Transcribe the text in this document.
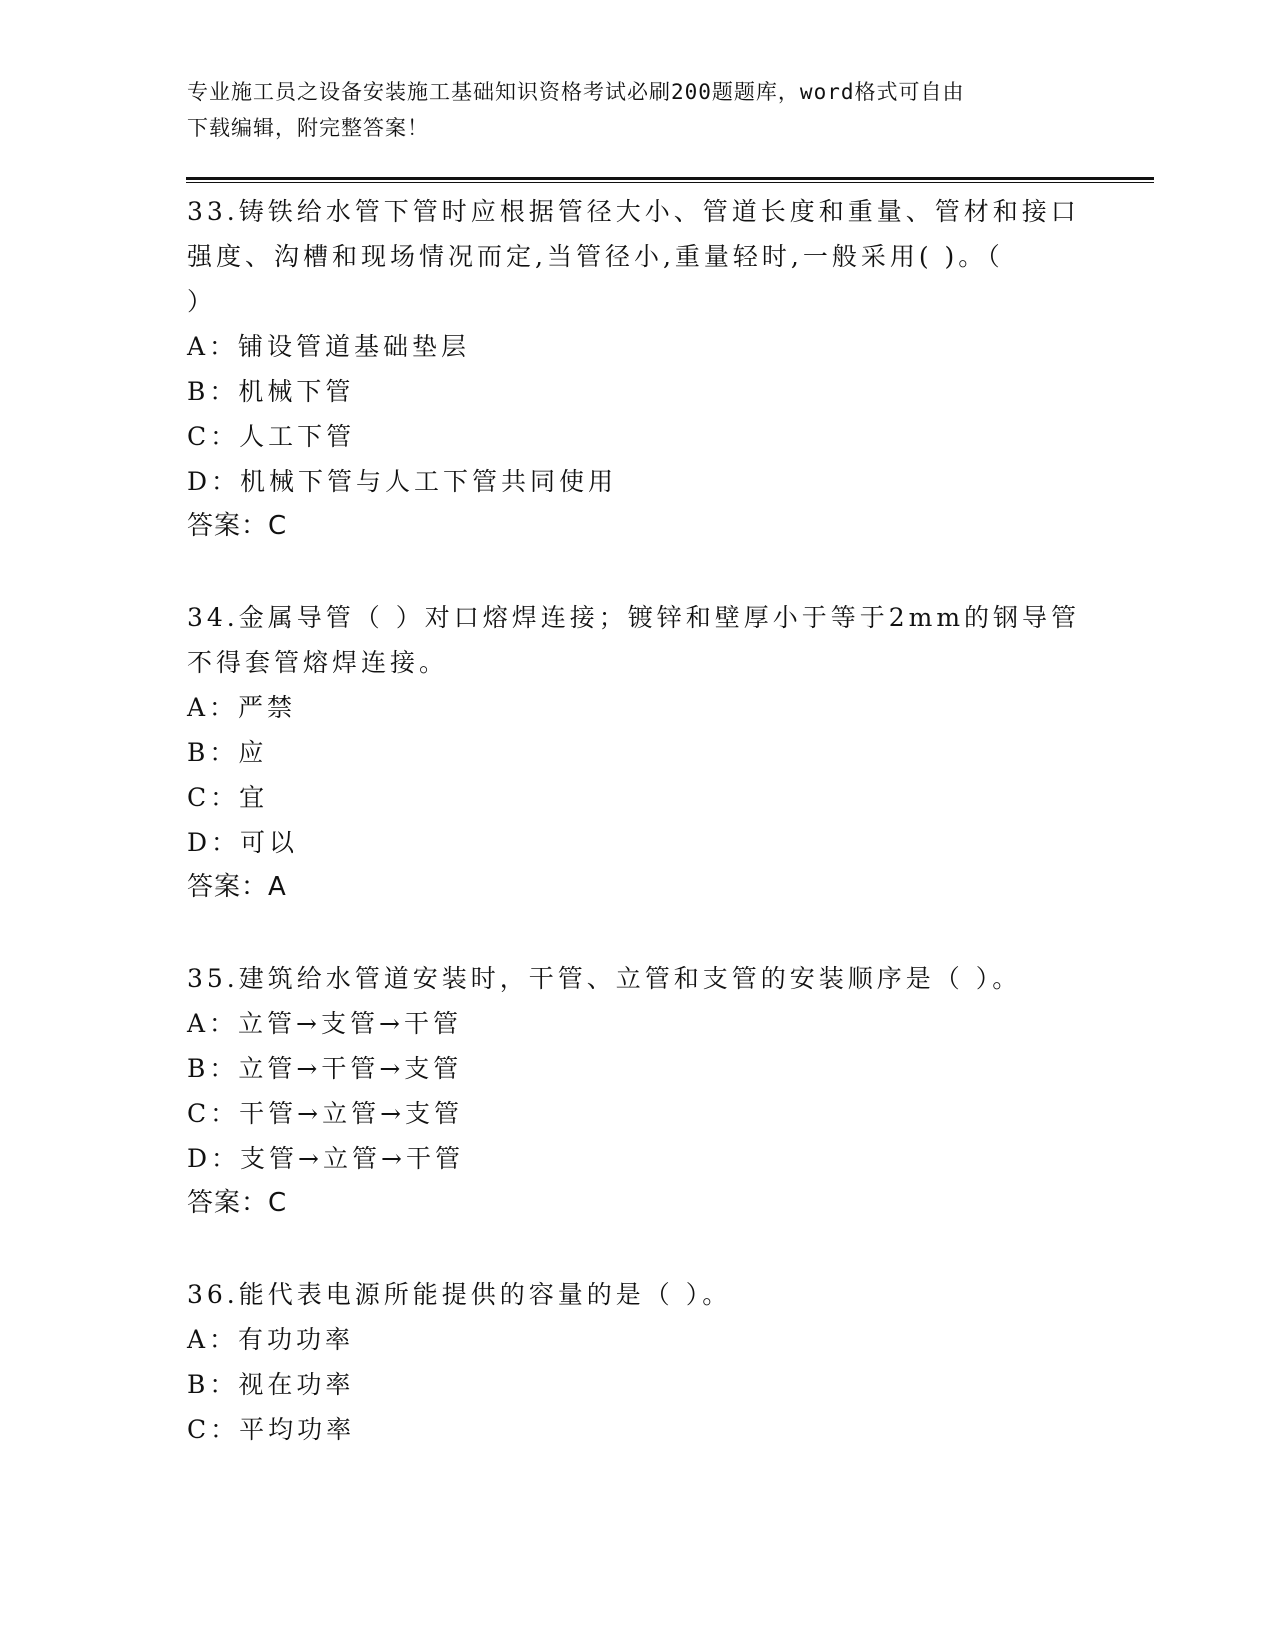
专业施工员之设备安装施工基础知识资格考试必刷200题题库，word格式可自由
下载编辑，附完整答案！

33.铸铁给水管下管时应根据管径大小、管道长度和重量、管材和接口

强度、沟槽和现场情况而定,当管径小,重量轻时,一般采用( )。（

）

A：铺设管道基础垫层

B：机械下管

C：人工下管

D：机械下管与人工下管共同使用

答案：C

34.金属导管（ ）对口熔焊连接；镀锌和壁厚小于等于2mm的钢导管

不得套管熔焊连接。

A：严禁

B：应

C：宜

D：可以

答案：A

35.建筑给水管道安装时，干管、立管和支管的安装顺序是（ ）。

A：立管→支管→干管

B：立管→干管→支管

C：干管→立管→支管

D：支管→立管→干管

答案：C

36.能代表电源所能提供的容量的是（ ）。

A：有功功率

B：视在功率

C：平均功率
